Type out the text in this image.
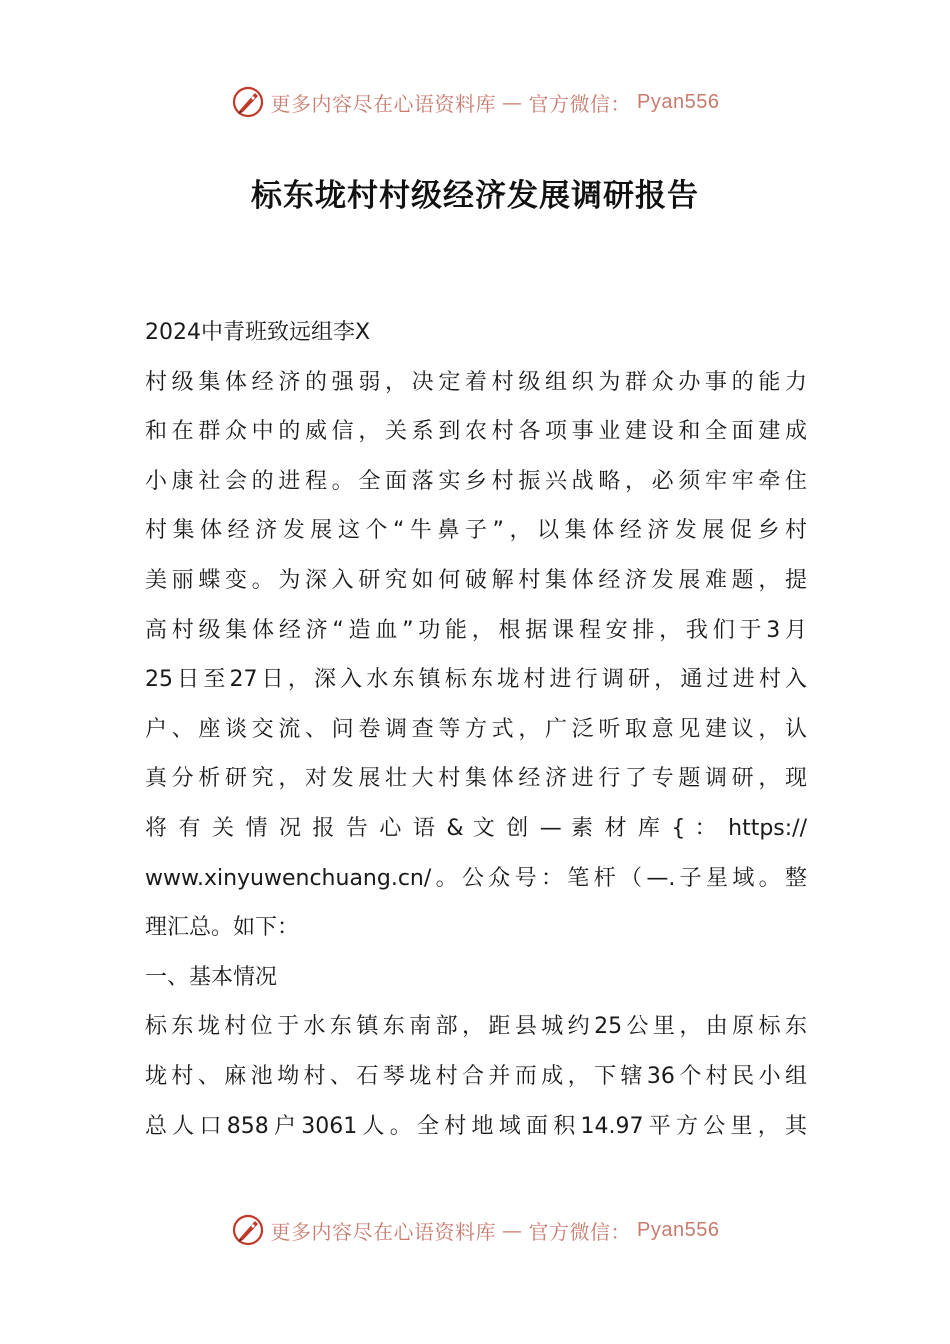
更多内容尽在心语资料库 — 官方微信： Pyan556
标东垅村村级经济发展调研报告
2024中青班致远组李X
村级集体经济的强弱，决定着村级组织为群众办事的能力
和在群众中的威信，关系到农村各项事业建设和全面建成
小康社会的进程。全面落实乡村振兴战略，必须牢牢牵住
村集体经济发展这个“牛鼻子”，以集体经济发展促乡村
美丽蝶变。为深入研究如何破解村集体经济发展难题，提
高村级集体经济“造血”功能，根据课程安排，我们于3月
25日至27日，深入水东镇标东垅村进行调研，通过进村入
户、座谈交流、问卷调查等方式，广泛听取意见建议，认
真分析研究，对发展壮大村集体经济进行了专题调研，现
将 有 关 情 况 报 告 心 语 & 文 创 — 素 材 库 { ： https://
www.xinyuwenchuang.cn/。公众号：笔杆（—.子星域。整
理汇总。如下：
一、基本情况
标东垅村位于水东镇东南部，距县城约25公里，由原标东
垅村、麻池坳村、石琴垅村合并而成，下辖36个村民小组
总人口858户3061人。全村地域面积14.97平方公里，其
更多内容尽在心语资料库 — 官方微信： Pyan556
